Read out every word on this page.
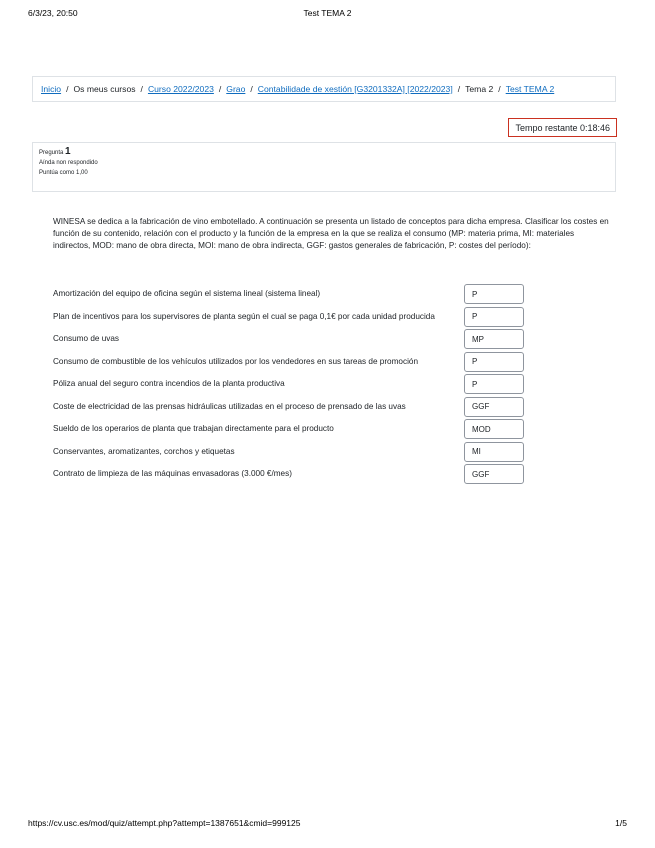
6/3/23, 20:50	Test TEMA 2
Inicio / Os meus cursos / Curso 2022/2023 / Grao / Contabilidade de xestión [G3201332A] [2022/2023] / Tema 2 / Test TEMA 2
Tempo restante 0:18:46
Pregunta 1
Aínda non respondido
Puntúa como 1,00
WINESA se dedica a la fabricación de vino embotellado. A continuación se presenta un listado de conceptos para dicha empresa. Clasificar los costes en función de su contenido, relación con el producto y la función de la empresa en la que se realiza el consumo (MP: materia prima, MI: materiales indirectos, MOD: mano de obra directa, MOI: mano de obra indirecta, GGF: gastos generales de fabricación, P: costes del período):
Amortización del equipo de oficina según el sistema lineal (sistema lineal)	P
Plan de incentivos para los supervisores de planta según el cual se paga 0,1€ por cada unidad producida	P
Consumo de uvas	MP
Consumo de combustible de los vehículos utilizados por los vendedores en sus tareas de promoción	P
Póliza anual del seguro contra incendios de la planta productiva	P
Coste de electricidad de las prensas hidráulicas utilizadas en el proceso de prensado de las uvas	GGF
Sueldo de los operarios de planta que trabajan directamente para el producto	MOD
Conservantes, aromatizantes, corchos y etiquetas	MI
Contrato de limpieza de las máquinas envasadoras (3.000 €/mes)	GGF
https://cv.usc.es/mod/quiz/attempt.php?attempt=1387651&cmid=999125	1/5
